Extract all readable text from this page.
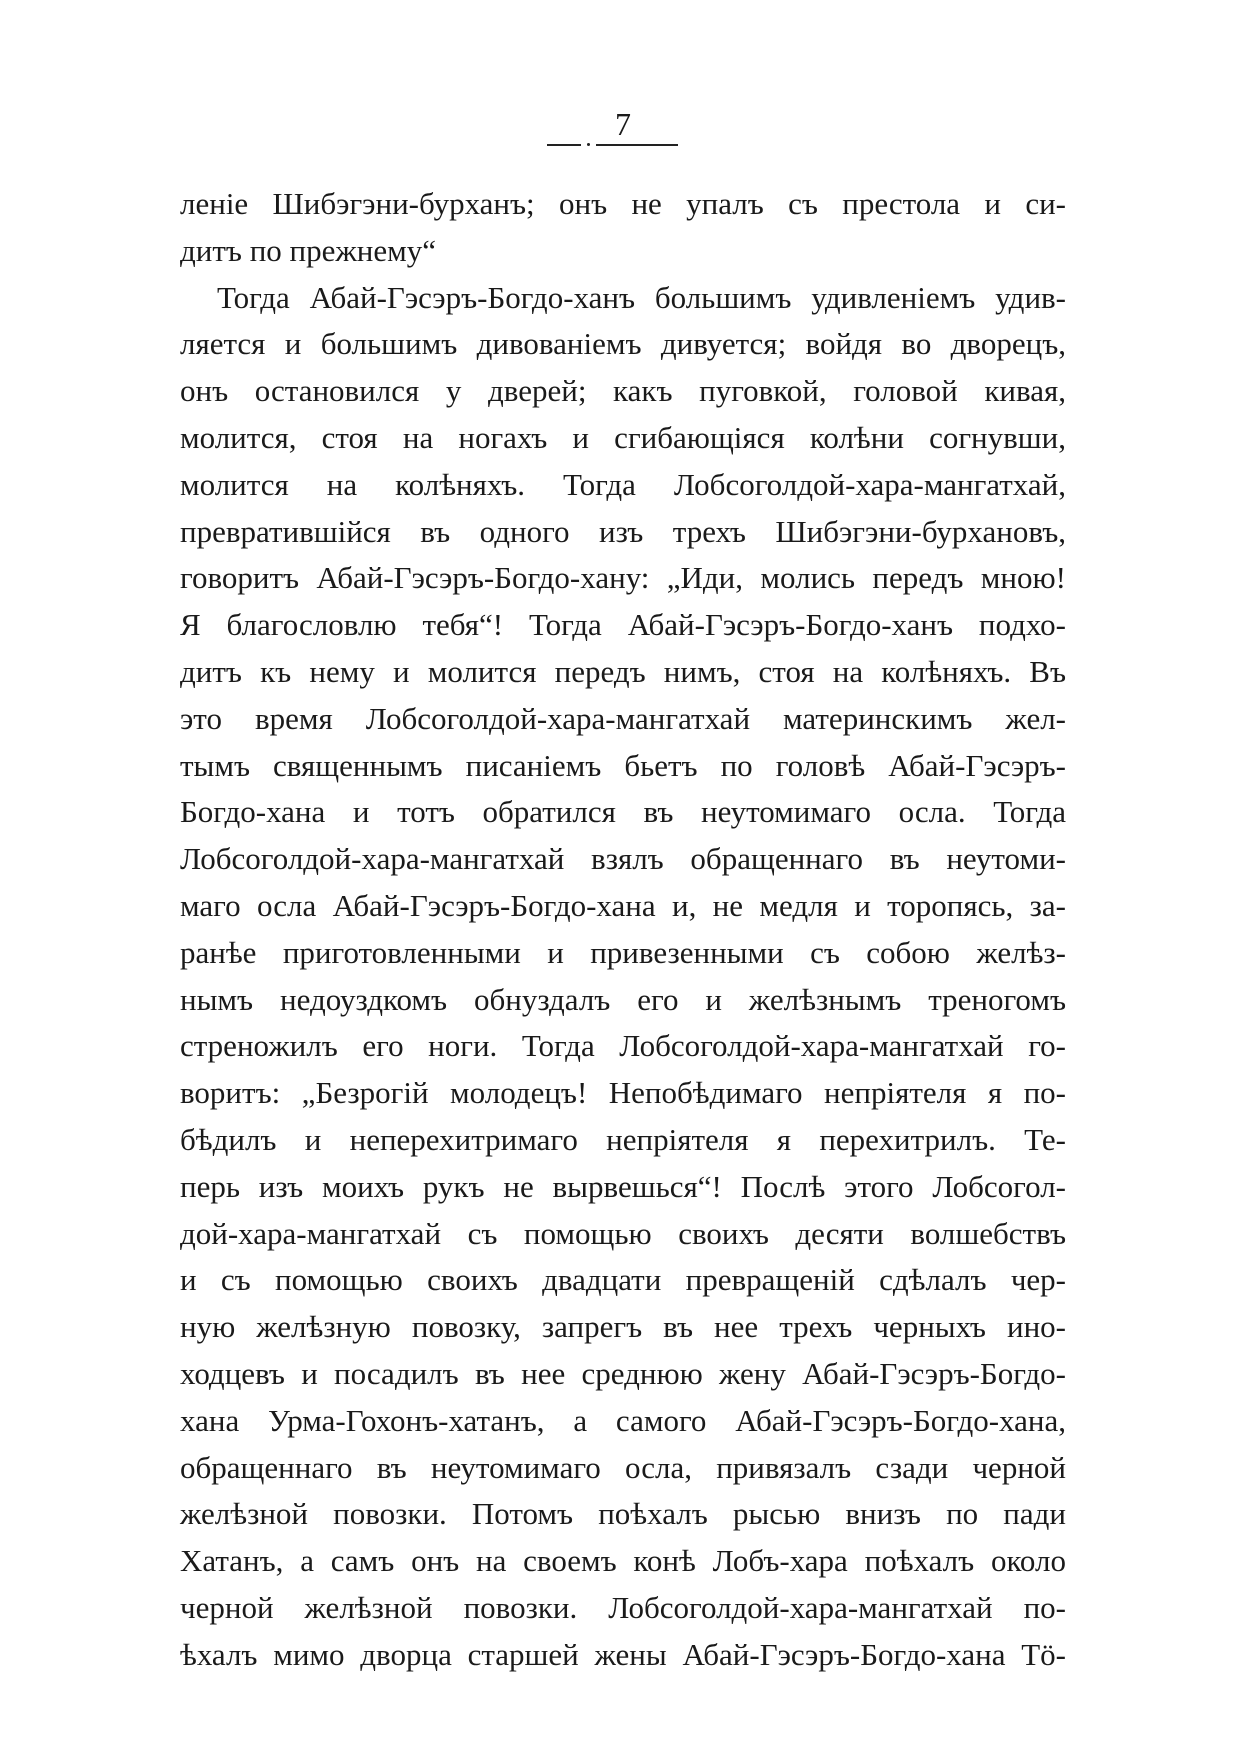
7
леніе Шибэгэни-бурханъ; онъ не упалъ съ престола и си-
дитъ по прежнему“
Тогда Абай-Гэсэръ-Богдо-ханъ большимъ удивленіемъ удив-
ляется и большимъ дивованіемъ дивуется; войдя во дворецъ,
онъ остановился у дверей; какъ пуговкой, головой кивая,
молится, стоя на ногахъ и сгибающіяся колѣни согнувши,
молится на колѣняхъ. Тогда Лобсоголдой-хара-мангатхай,
превратившійся въ одного изъ трехъ Шибэгэни-бурхановъ,
говоритъ Абай-Гэсэръ-Богдо-хану: „Иди, молись передъ мною!
Я благословлю тебя“! Тогда Абай-Гэсэръ-Богдо-ханъ подхо-
дитъ къ нему и молится передъ нимъ, стоя на колѣняхъ. Въ
это время Лобсоголдой-хара-мангатхай материнскимъ жел-
тымъ священнымъ писаніемъ бьетъ по головѣ Абай-Гэсэръ-
Богдо-хана и тотъ обратился въ неутомимаго осла. Тогда
Лобсоголдой-хара-мангатхай взялъ обращеннаго въ неутоми-
маго осла Абай-Гэсэръ-Богдо-хана и, не медля и торопясь, за-
ранѣе приготовленными и привезенными съ собою желѣз-
нымъ недоуздкомъ обнуздалъ его и желѣзнымъ треногомъ
стреножилъ его ноги. Тогда Лобсоголдой-хара-мангатхай го-
воритъ: „Безрогій молодецъ! Непобѣдимаго непріятеля я по-
бѣдилъ и неперехитримаго непріятеля я перехитрилъ. Те-
перь изъ моихъ рукъ не вырвешься“! Послѣ этого Лобсогол-
дой-хара-мангатхай съ помощью своихъ десяти волшебствъ
и съ помощью своихъ двадцати превращеній сдѣлалъ чер-
ную желѣзную повозку, запрегъ въ нее трехъ черныхъ ино-
ходцевъ и посадилъ въ нее среднюю жену Абай-Гэсэръ-Богдо-
хана Урма-Гохонъ-хатанъ, а самого Абай-Гэсэръ-Богдо-хана,
обращеннаго въ неутомимаго осла, привязалъ сзади черной
желѣзной повозки. Потомъ поѣхалъ рысью внизъ по пади
Хатанъ, а самъ онъ на своемъ конѣ Лобъ-хара поѣхалъ около
черной желѣзной повозки. Лобсоголдой-хара-мангатхай по-
ѣхалъ мимо дворца старшей жены Абай-Гэсэръ-Богдо-хана Тӧ-
